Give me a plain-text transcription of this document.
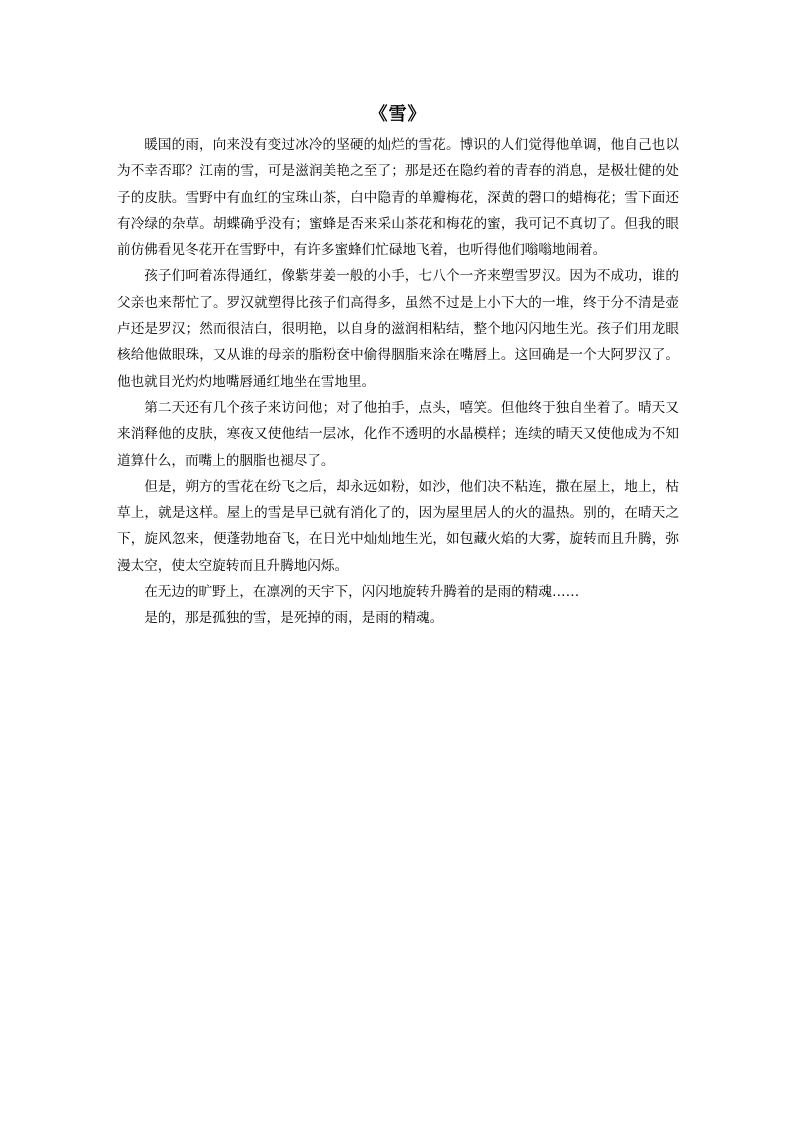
《雪》

暖国的雨，向来没有变过冰冷的坚硬的灿烂的雪花。博识的人们觉得他单调，他自己也以为不幸否耶？江南的雪，可是滋润美艳之至了；那是还在隐约着的青春的消息，是极壮健的处子的皮肤。雪野中有血红的宝珠山茶，白中隐青的单瓣梅花，深黄的磬口的蜡梅花；雪下面还有冷绿的杂草。胡蝶确乎没有；蜜蜂是否来采山茶花和梅花的蜜，我可记不真切了。但我的眼前仿佛看见冬花开在雪野中，有许多蜜蜂们忙碌地飞着，也听得他们嗡嗡地闹着。

孩子们呵着冻得通红，像紫芽姜一般的小手，七八个一齐来塑雪罗汉。因为不成功，谁的父亲也来帮忙了。罗汉就塑得比孩子们高得多，虽然不过是上小下大的一堆，终于分不清是壶卢还是罗汉；然而很洁白，很明艳，以自身的滋润相粘结，整个地闪闪地生光。孩子们用龙眼核给他做眼珠，又从谁的母亲的脂粉奁中偷得胭脂来涂在嘴唇上。这回确是一个大阿罗汉了。他也就目光灼灼地嘴唇通红地坐在雪地里。

第二天还有几个孩子来访问他；对了他拍手，点头，嘻笑。但他终于独自坐着了。晴天又来消释他的皮肤，寒夜又使他结一层冰，化作不透明的水晶模样；连续的晴天又使他成为不知道算什么，而嘴上的胭脂也褪尽了。

但是，朔方的雪花在纷飞之后，却永远如粉，如沙，他们决不粘连，撒在屋上，地上，枯草上，就是这样。屋上的雪是早已就有消化了的，因为屋里居人的火的温热。别的，在晴天之下，旋风忽来，便蓬勃地奋飞，在日光中灿灿地生光，如包藏火焰的大雾，旋转而且升腾，弥漫太空，使太空旋转而且升腾地闪烁。

在无边的旷野上，在凛冽的天宇下，闪闪地旋转升腾着的是雨的精魂……

是的，那是孤独的雪，是死掉的雨，是雨的精魂。
